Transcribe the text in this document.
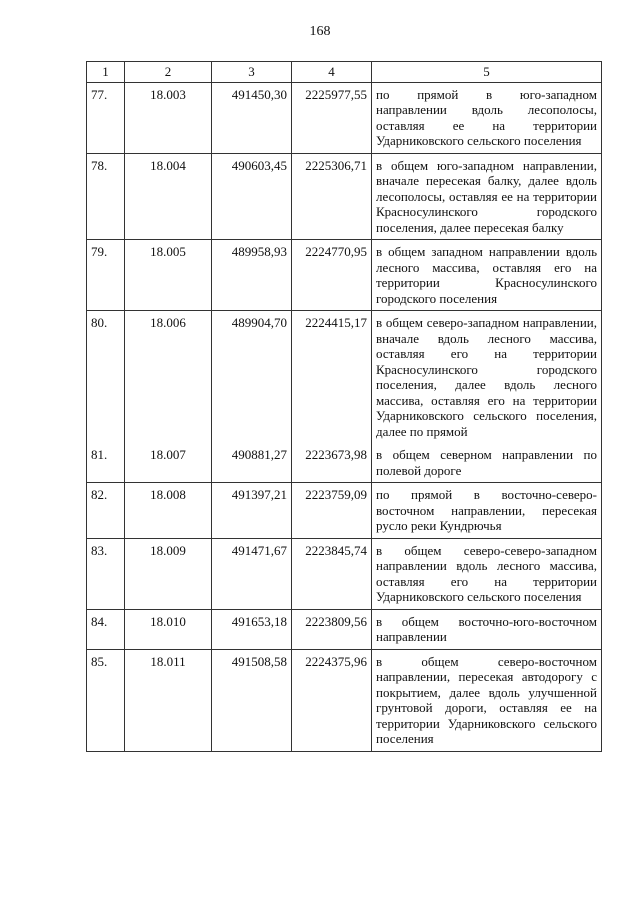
168
1	2	3	4	5
77.	18.003	491450,30	2225977,55	по прямой в юго-западном направлении вдоль лесополосы, оставляя ее на территории Ударниковского сельского поселения
78.	18.004	490603,45	2225306,71	в общем юго-западном направлении, вначале пересекая балку, далее вдоль лесополосы, оставляя ее на территории Красносулинского городского поселения, далее пересекая балку
79.	18.005	489958,93	2224770,95	в общем западном направлении вдоль лесного массива, оставляя его на территории Красносулинского городского поселения
80.	18.006	489904,70	2224415,17	в общем северо-западном направлении, вначале вдоль лесного массива, оставляя его на территории Красносулинского городского поселения, далее вдоль лесного массива, оставляя его на территории Ударниковского сельского поселения, далее по прямой
81.	18.007	490881,27	2223673,98	в общем северном направлении по полевой дороге
82.	18.008	491397,21	2223759,09	по прямой в восточно-северо-восточном направлении, пересекая русло реки Кундрючья
83.	18.009	491471,67	2223845,74	в общем северо-северо-западном направлении вдоль лесного массива, оставляя его на территории Ударниковского сельского поселения
84.	18.010	491653,18	2223809,56	в общем восточно-юго-восточном направлении
85.	18.011	491508,58	2224375,96	в общем северо-восточном направлении, пересекая автодорогу с покрытием, далее вдоль улучшенной грунтовой дороги, оставляя ее на территории Ударниковского сельского поселения
